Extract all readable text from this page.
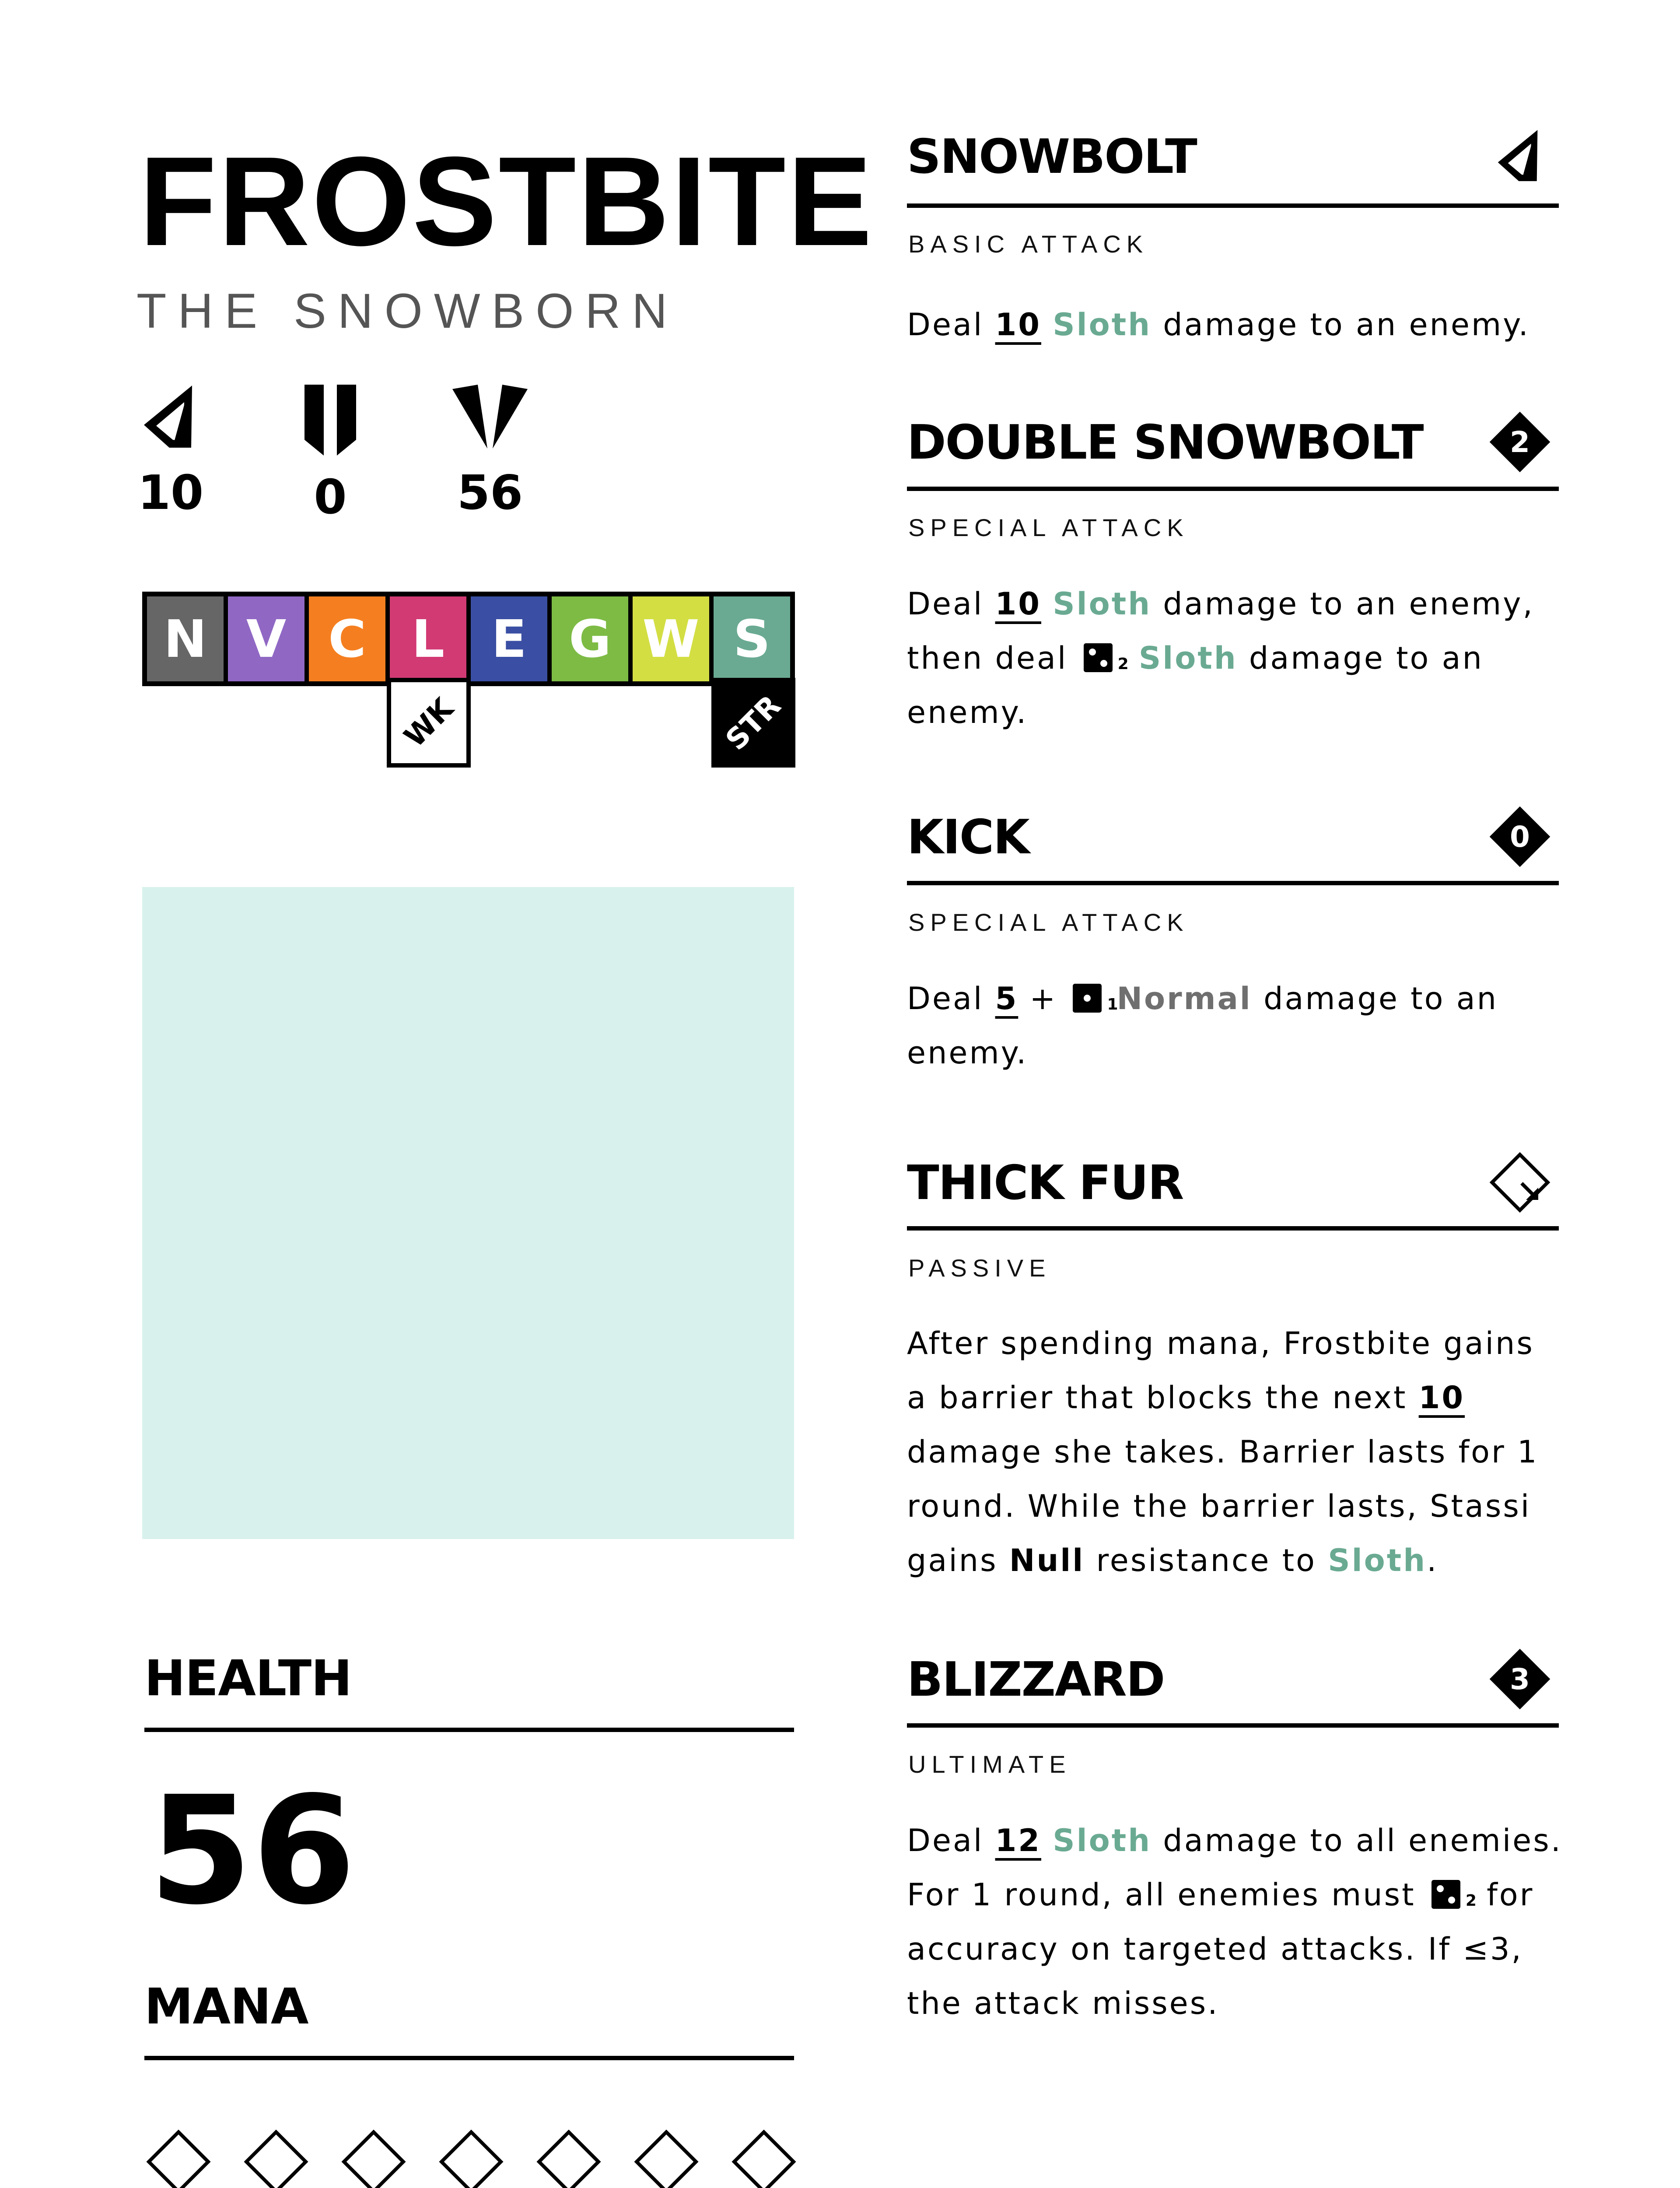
FROSTBITE
THE SNOWBORN
10	0	56
N V C L E G W S
WK	STR
HEALTH
56
MANA
SNOWBOLT
BASIC ATTACK
Deal 10 Sloth damage to an enemy.
DOUBLE SNOWBOLT
SPECIAL ATTACK
Deal 10 Sloth damage to an enemy, then deal 2 Sloth damage to an enemy.
2
KICK
SPECIAL ATTACK
Deal 5 + 1
Normal damage to an enemy.
0
THICK FUR
PASSIVE
After spending mana, Frostbite gains a barrier that blocks the next 10 damage she takes. Barrier lasts for 1 round. While the barrier lasts, Stassi gains Null resistance to Sloth.
BLIZZARD
ULTIMATE
Deal 12 Sloth damage to all enemies. For 1 round, all enemies must 2
for accuracy on targeted attacks. If ≤3, the attack misses.
3
